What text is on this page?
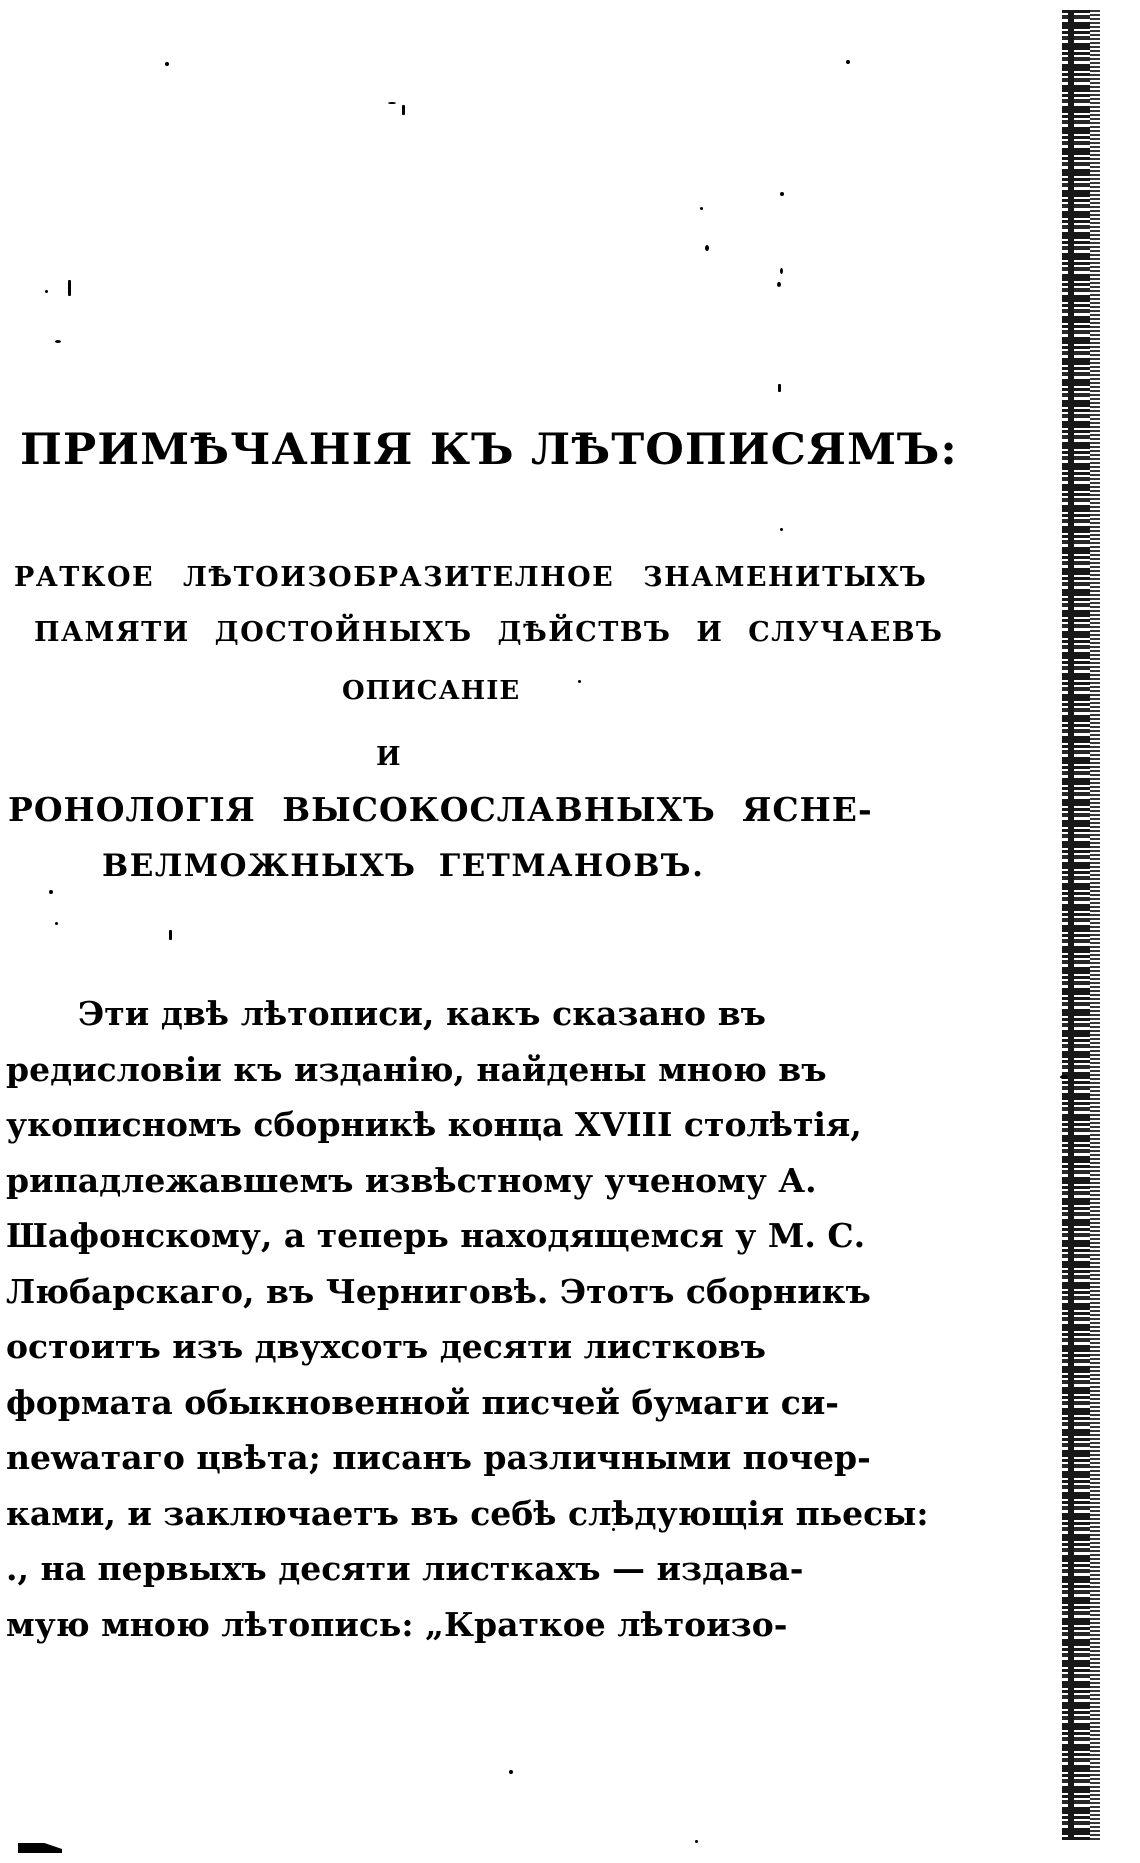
ПРИМѢЧАНІЯ КЪ ЛѢТОПИСЯМЪ:
РАТКОЕ ЛѢТОИЗОБРАЗИТЕЛНОЕ ЗНАМЕНИТЫХЪ
ПАМЯТИ ДОСТОЙНЫХЪ ДѢЙСТВЪ И СЛУЧАЕВЪ
ОПИСАНІЕ
И
РОНОЛОГІЯ ВЫСОКОСЛАВНЫХЪ ЯСНЕ-
ВЕЛМОЖНЫХЪ ГЕТМАНОВЪ.
Эти двѣ лѣтописи, какъ сказано въ
редисловіи къ изданію, найдены мною въ
укописномъ сборникѣ конца XVIII столѣтія,
рипадлежавшемъ извѣстному ученому А.
Шафонскому, а теперь находящемся у М. С.
Любарскаго, въ Черниговѣ. Этотъ сборникъ
остоитъ изъ двухсотъ десяти листковъ
формата обыкновенной писчей бумаги си-
newатаго цвѣта; писанъ различными почер-
ками, и заключаетъ въ себѣ слѣдующія пьесы:
., на первыхъ десяти листкахъ — издава-
мую мною лѣтопись: „Краткое лѣтоизо-
